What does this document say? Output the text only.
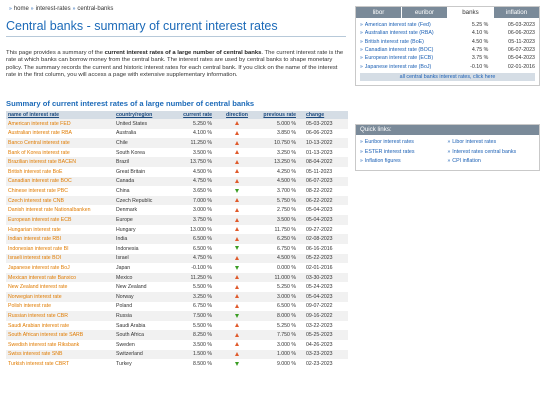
» home » interest-rates » central-banks
Central banks - summary of current interest rates

This page provides a summary of the current interest rates of a large number of central banks. The current interest rate is the rate at which banks can borrow money from the central bank. The interest rates are used by central banks to shape monetary policy. The summary records the current and historic interest rates for each central bank. If you click on the name of the interest rate in the first column, you will access a page with extensive supplementary information.

Summary of current interest rates of a large number of central banks
name of interest rate	country/region	current rate	direction	previous rate	change
American interest rate FED	United States	5.250 %		5.000 %	05-03-2023
Australian interest rate RBA	Australia	4.100 %		3.850 %	06-06-2023
Banco Central interest rate	Chile	11.250 %		10.750 %	10-13-2022
Bank of Korea interest rate	South Korea	3.500 %		3.250 %	01-13-2023
Brazilian interest rate BACEN	Brazil	13.750 %		13.250 %	08-04-2022
British interest rate BoE	Great Britain	4.500 %		4.250 %	05-11-2023
Canadian interest rate BOC	Canada	4.750 %		4.500 %	06-07-2023
Chinese interest rate PBC	China	3.650 %		3.700 %	08-22-2022
Czech interest rate CNB	Czech Republic	7.000 %		5.750 %	06-22-2022
Danish interest rate Nationalbanken	Denmark	3.000 %		2.750 %	05-04-2023
European interest rate ECB	Europe	3.750 %		3.500 %	05-04-2023
Hungarian interest rate	Hungary	13.000 %		11.750 %	09-27-2022
Indian interest rate RBI	India	6.500 %		6.250 %	02-08-2023
Indonesian interest rate BI	Indonesia	6.500 %		6.750 %	06-16-2016
Israeli interest rate BOI	Israel	4.750 %		4.500 %	05-22-2023
Japanese interest rate BoJ	Japan	-0.100 %		0.000 %	02-01-2016
Mexican interest rate Banxico	Mexico	11.250 %		11.000 %	03-30-2023
New Zealand interest rate	New Zealand	5.500 %		5.250 %	05-24-2023
Norwegian interest rate	Norway	3.250 %		3.000 %	05-04-2023
Polish interest rate	Poland	6.750 %		6.500 %	09-07-2022
Russian interest rate CBR	Russia	7.500 %		8.000 %	09-16-2022
Saudi Arabian interest rate	Saudi Arabia	5.500 %		5.250 %	03-22-2023
South African interest rate SARB	South Africa	8.250 %		7.750 %	05-25-2023
Swedish interest rate Riksbank	Sweden	3.500 %		3.000 %	04-26-2023
Swiss interest rate SNB	Switzerland	1.500 %		1.000 %	03-23-2023
Turkish interest rate CBRT	Turkey	8.500 %		9.000 %	02-23-2023
libor	euribor	banks	inflation
» American interest rate (Fed)	5.25 %	05-03-2023
» Australian interest rate (RBA)	4.10 %	06-06-2023
» British interest rate (BoE)	4.50 %	05-11-2023
» Canadian interest rate (BOC)	4.75 %	06-07-2023
» European interest rate (ECB)	3.75 %	05-04-2023
» Japanese interest rate (BoJ)	-0.10 %	02-01-2016
all central banks interest rates, click here
Quick links:
» Euribor interest rates	» Libor interest rates
» ESTER interest rates	» Interest rates central banks
» Inflation figures	» CPI inflation
